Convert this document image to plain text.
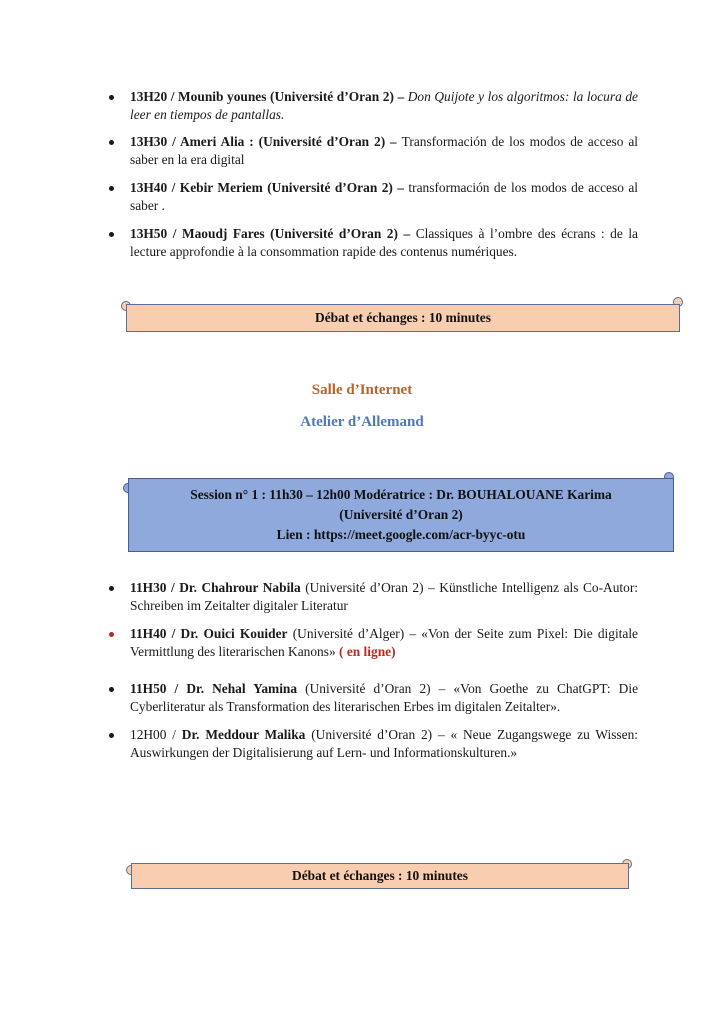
13H20 / Mounib younes (Université d’Oran 2) – Don Quijote y los algoritmos: la locura de leer en tiempos de pantallas.
13H30 / Ameri Alia : (Université d’Oran 2) – Transformación de los modos de acceso al saber en la era digital
13H40 / Kebir Meriem (Université d’Oran 2) – transformación de los modos de acceso al saber .
13H50 / Maoudj Fares (Université d’Oran 2) – Classiques à l’ombre des écrans : de la lecture approfondie à la consommation rapide des contenus numériques.
Débat et échanges : 10 minutes
Salle d’Internet
Atelier d’Allemand
Session n° 1 : 11h30 – 12h00 Modératrice : Dr. BOUHALOUANE Karima
(Université d’Oran 2)
Lien : https://meet.google.com/acr-byyc-otu
11H30 / Dr. Chahrour Nabila (Université d’Oran 2) – Künstliche Intelligenz als Co-Autor: Schreiben im Zeitalter digitaler Literatur
11H40 / Dr. Ouici Kouider (Université d’Alger) – «Von der Seite zum Pixel: Die digitale Vermittlung des literarischen Kanons» ( en ligne)
11H50 / Dr. Nehal Yamina (Université d’Oran 2) – «Von Goethe zu ChatGPT: Die Cyberliteratur als Transformation des literarischen Erbes im digitalen Zeitalter».
12H00 / Dr. Meddour Malika (Université d’Oran 2) – « Neue Zugangswege zu Wissen: Auswirkungen der Digitalisierung auf Lern- und Informationskulturen.»
Débat et échanges : 10 minutes
